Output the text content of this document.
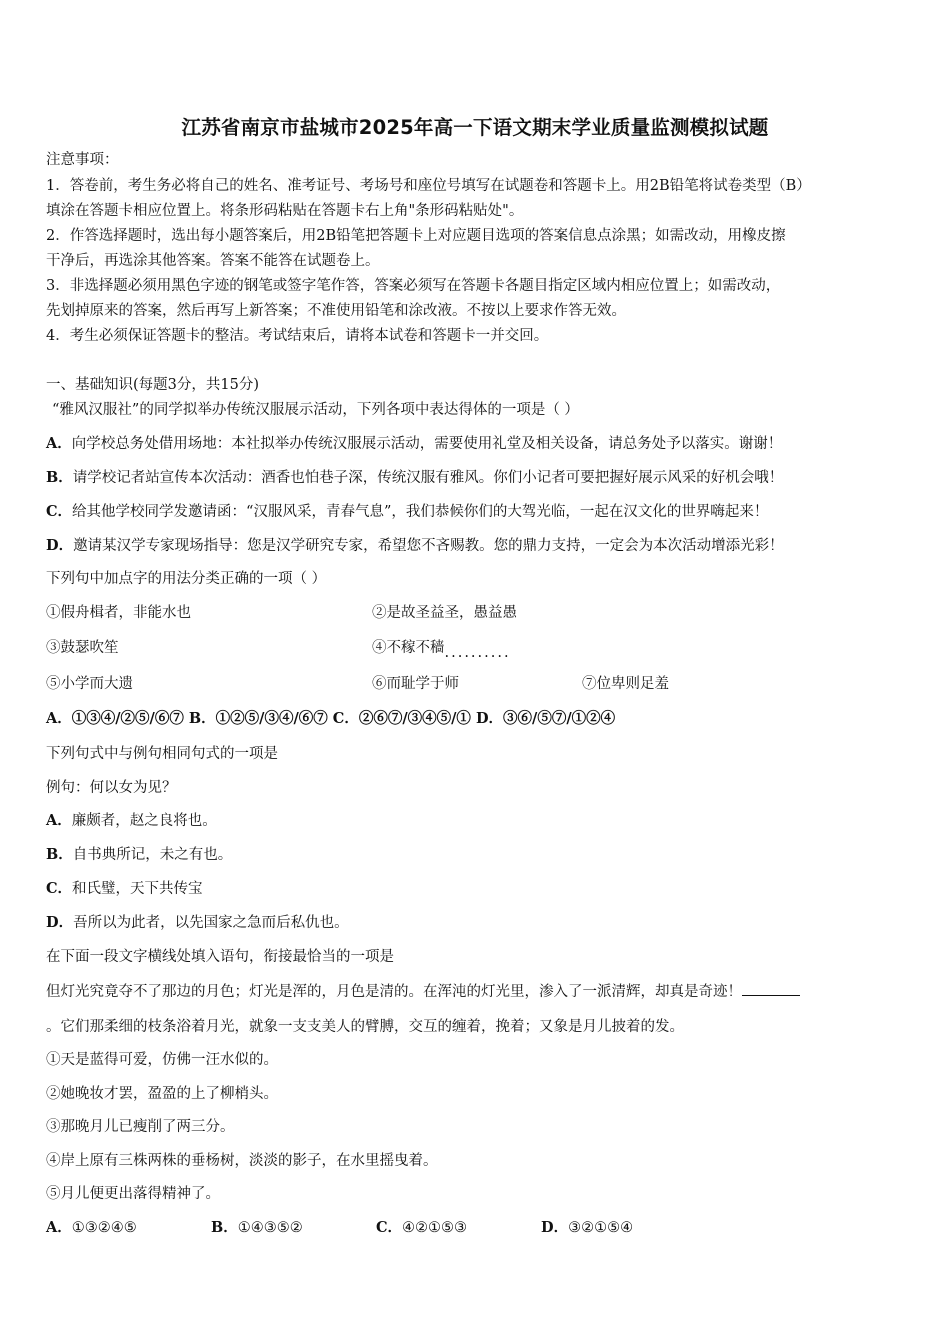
江苏省南京市盐城市2025年高一下语文期末学业质量监测模拟试题
注意事项：
1．答卷前，考生务必将自己的姓名、准考证号、考场号和座位号填写在试题卷和答题卡上。用2B铅笔将试卷类型（B）
填涂在答题卡相应位置上。将条形码粘贴在答题卡右上角"条形码粘贴处"。
2．作答选择题时，选出每小题答案后，用2B铅笔把答题卡上对应题目选项的答案信息点涂黑；如需改动，用橡皮擦
干净后，再选涂其他答案。答案不能答在试题卷上。
3．非选择题必须用黑色字迹的钢笔或签字笔作答，答案必须写在答题卡各题目指定区域内相应位置上；如需改动，
先划掉原来的答案，然后再写上新答案；不准使用铅笔和涂改液。不按以上要求作答无效。
4．考生必须保证答题卡的整洁。考试结束后，请将本试卷和答题卡一并交回。
一、基础知识(每题3分，共15分)
“雅风汉服社”的同学拟举办传统汉服展示活动，下列各项中表达得体的一项是（ ）
A．向学校总务处借用场地：本社拟举办传统汉服展示活动，需要使用礼堂及相关设备，请总务处予以落实。谢谢！
B．请学校记者站宣传本次活动：酒香也怕巷子深，传统汉服有雅风。你们小记者可要把握好展示风采的好机会哦！
C．给其他学校同学发邀请函：“汉服风采，青春气息”，我们恭候你们的大驾光临，一起在汉文化的世界嗨起来！
D．邀请某汉学专家现场指导：您是汉学研究专家，希望您不吝赐教。您的鼎力支持，一定会为本次活动增添光彩！
下列句中加点字的用法分类正确的一项（ ）
①假舟楫者，非能水也	②是故圣益圣，愚益愚
③鼓瑟吹笙	④不稼不穑..........
⑤小学而大遗	⑥而耻学于师	⑦位卑则足羞
A．①③④/②⑤/⑥⑦ B．①②⑤/③④/⑥⑦ C．②⑥⑦/③④⑤/① D．③⑥/⑤⑦/①②④
下列句式中与例句相同句式的一项是
例句：何以女为见？
A．廉颇者，赵之良将也。
B．自书典所记，未之有也。
C．和氏璧，天下共传宝
D．吾所以为此者，以先国家之急而后私仇也。
在下面一段文字横线处填入语句，衔接最恰当的一项是
但灯光究竟夺不了那边的月色；灯光是浑的，月色是清的。在浑沌的灯光里，渗入了一派清辉，却真是奇迹！
。它们那柔细的枝条浴着月光，就象一支支美人的臂膊，交互的缠着，挽着；又象是月儿披着的发。
①天是蓝得可爱，仿佛一汪水似的。
②她晚妆才罢，盈盈的上了柳梢头。
③那晚月儿已瘦削了两三分。
④岸上原有三株两株的垂杨树，淡淡的影子，在水里摇曳着。
⑤月儿便更出落得精神了。
A．①③②④⑤	B．①④③⑤②	C．④②①⑤③	D．③②①⑤④
